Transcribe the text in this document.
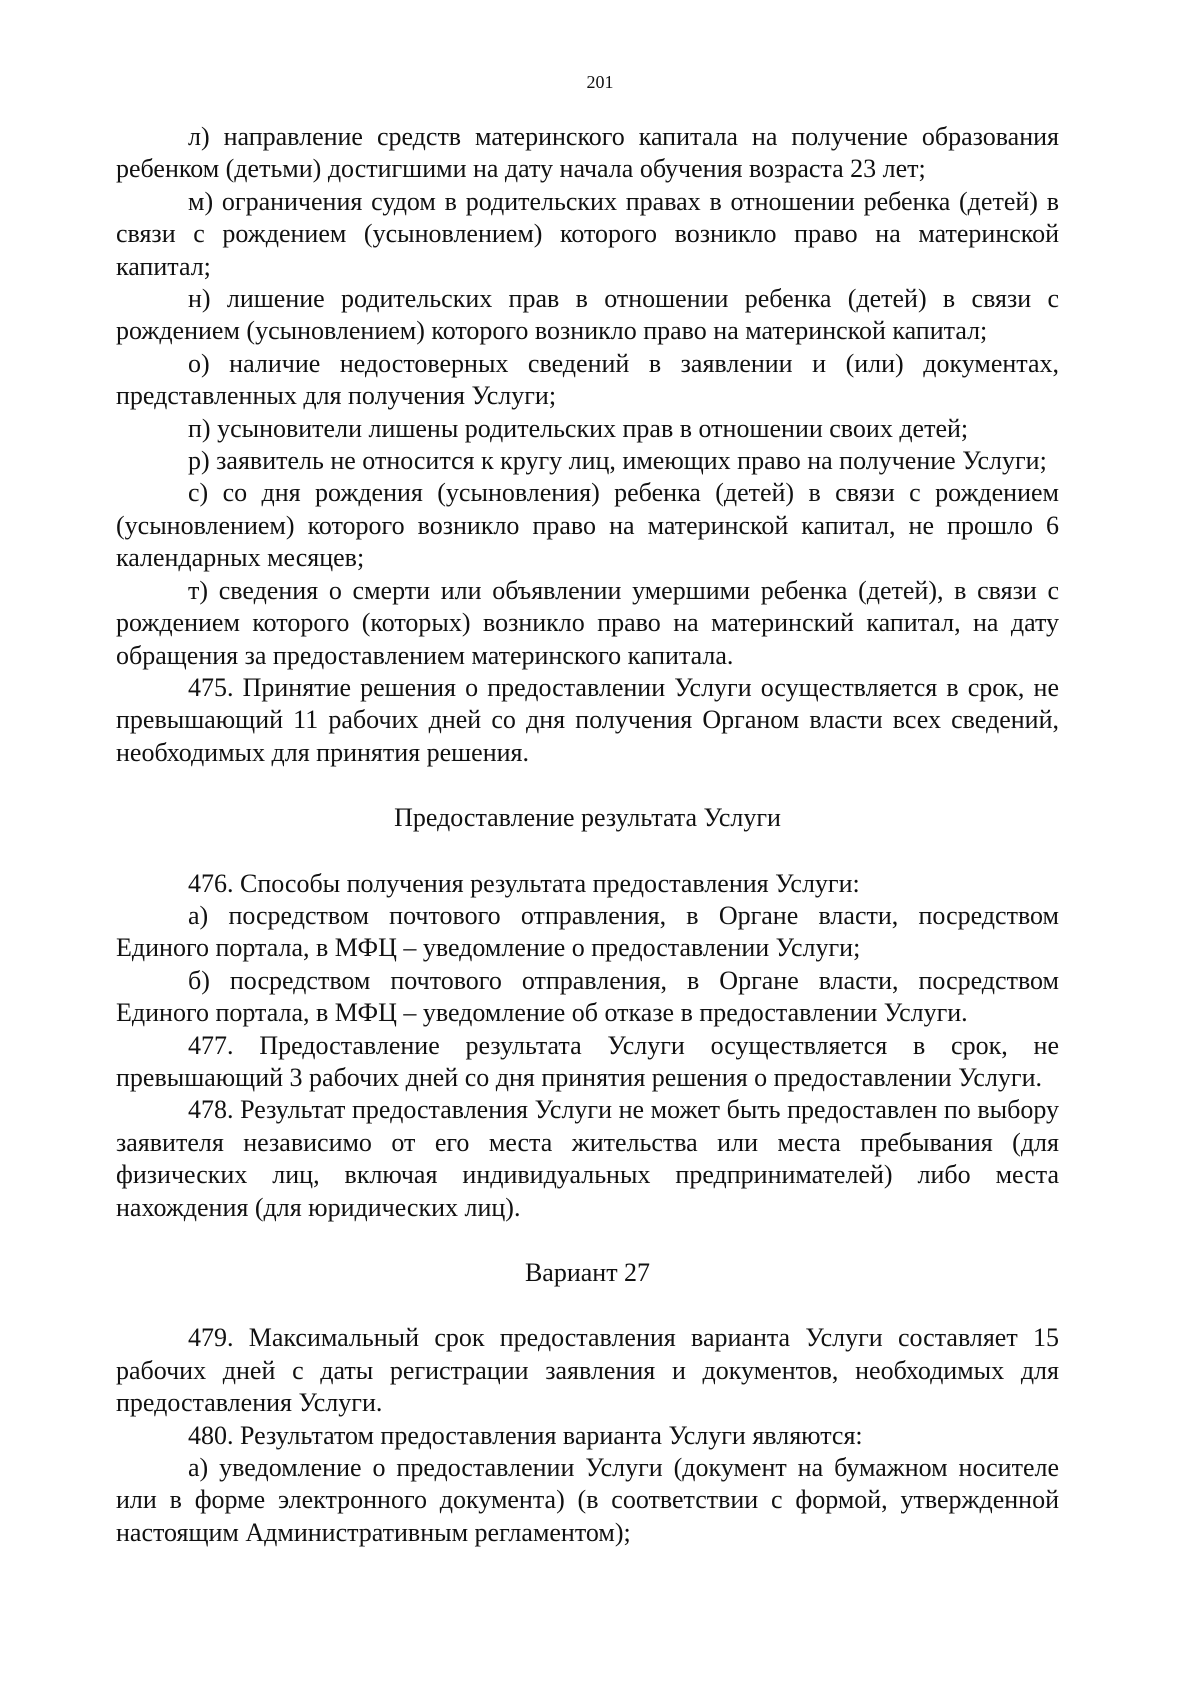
201

л) направление средств материнского капитала на получение образования ребенком (детьми) достигшими на дату начала обучения возраста 23 лет;

м) ограничения судом в родительских правах в отношении ребенка (детей) в связи с рождением (усыновлением) которого возникло право на материнской капитал;

н) лишение родительских прав в отношении ребенка (детей) в связи с рождением (усыновлением) которого возникло право на материнской капитал;

о) наличие недостоверных сведений в заявлении и (или) документах, представленных для получения Услуги;

п) усыновители лишены родительских прав в отношении своих детей;

р) заявитель не относится к кругу лиц, имеющих право на получение Услуги;

с) со дня рождения (усыновления) ребенка (детей) в связи с рождением (усыновлением) которого возникло право на материнской капитал, не прошло 6 календарных месяцев;

т) сведения о смерти или объявлении умершими ребенка (детей), в связи с рождением которого (которых) возникло право на материнский капитал, на дату обращения за предоставлением материнского капитала.

475. Принятие решения о предоставлении Услуги осуществляется в срок, не превышающий 11 рабочих дней со дня получения Органом власти всех сведений, необходимых для принятия решения.

Предоставление результата Услуги

476. Способы получения результата предоставления Услуги:

а) посредством почтового отправления, в Органе власти, посредством Единого портала, в МФЦ – уведомление о предоставлении Услуги;

б) посредством почтового отправления, в Органе власти, посредством Единого портала, в МФЦ – уведомление об отказе в предоставлении Услуги.

477. Предоставление результата Услуги осуществляется в срок, не превышающий 3 рабочих дней со дня принятия решения о предоставлении Услуги.

478. Результат предоставления Услуги не может быть предоставлен по выбору заявителя независимо от его места жительства или места пребывания (для физических лиц, включая индивидуальных предпринимателей) либо места нахождения (для юридических лиц).

Вариант 27

479. Максимальный срок предоставления варианта Услуги составляет 15 рабочих дней с даты регистрации заявления и документов, необходимых для предоставления Услуги.

480. Результатом предоставления варианта Услуги являются:

а) уведомление о предоставлении Услуги (документ на бумажном носителе или в форме электронного документа) (в соответствии с формой, утвержденной настоящим Административным регламентом);
